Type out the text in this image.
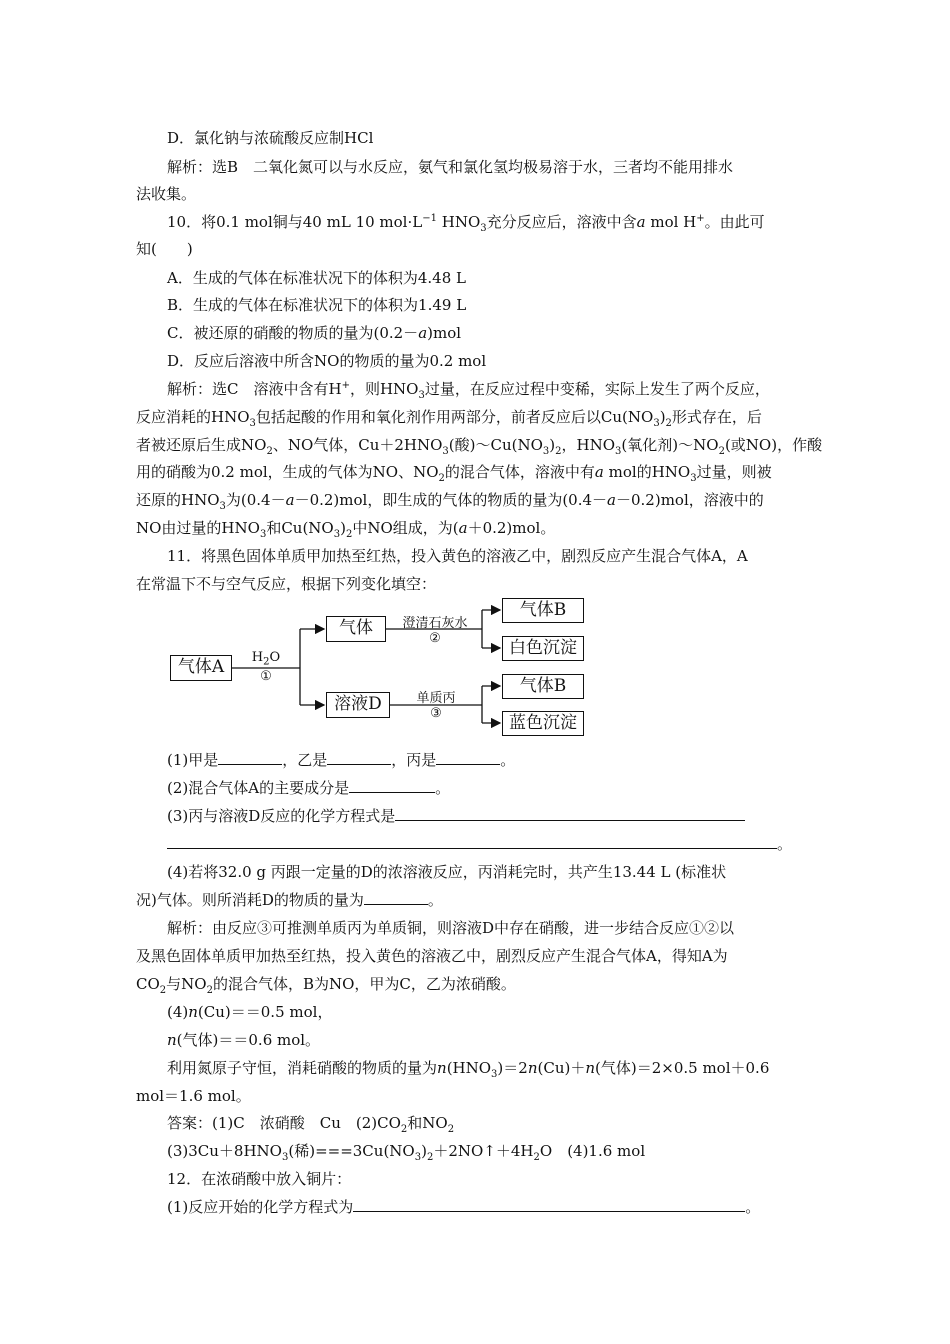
D．氯化钠与浓硫酸反应制HCl
解析：选B　二氧化氮可以与水反应，氨气和氯化氢均极易溶于水，三者均不能用排水
法收集。
10．将0.1 mol铜与40 mL 10 $mol\cdot L^{-1}$ $HNO_3$充分反应后，溶液中含a mol H+。由此可
知(　　)
A．生成的气体在标准状况下的体积为4.48 L
B．生成的气体在标准状况下的体积为1.49 L
C．被还原的硝酸的物质的量为(0.2－a)mol
D．反应后溶液中所含NO的物质的量为0.2 mol
解析：选C　溶液中含有H+，则$HNO_3$过量，在反应过程中变稀，实际上发生了两个反应，
反应消耗的$HNO_3$包括起酸的作用和氧化剂作用两部分，前者反应后以$Cu(NO_3)_2$形式存在，后
者被还原后生成$NO_2$、NO气体，$Cu+2HNO_3$(酸)$\sim Cu(NO_3)_2$，$HNO_3$(氧化剂)$\sim NO_2$(或NO)，作酸
用的硝酸为0.2 mol，生成的气体为NO、$NO_2$的混合气体，溶液中有a mol的$HNO_3$过量，则被
还原的$HNO_3$为(0.4－a－0.2)mol，即生成的气体的物质的量为(0.4－a－0.2)mol，溶液中的
NO由过量的$HNO_3$和$Cu(NO_3)_2$中NO组成，为(a＋0.2)mol。
11．将黑色固体单质甲加热至红热，投入黄色的溶液乙中，剧烈反应产生混合气体A，A
在常温下不与空气反应，根据下列变化填空：
气体A	$H_2O$
①
气体	澄清石灰水
②
气体B
白色沉淀
溶液D	单质丙
③
气体B
蓝色沉淀
(1)甲是	，乙是	，丙是	。
(2)混合气体A的主要成分是	。
(3)丙与溶液D反应的化学方程式是
。
(4)若将32.0 g 丙跟一定量的D的浓溶液反应，丙消耗完时，共产生13.44 L (标准状
况)气体。则所消耗D的物质的量为	。
解析：由反应③可推测单质丙为单质铜，则溶液D中存在硝酸，进一步结合反应①②以
及黑色固体单质甲加热至红热，投入黄色的溶液乙中，剧烈反应产生混合气体A，得知A为
$CO_2$与$NO_2$的混合气体，B为NO，甲为C，乙为浓硝酸。
(4)n(Cu)＝＝0.5 mol，
n(气体)＝＝0.6 mol。
利用氮原子守恒，消耗硝酸的物质的量为$n(HNO_3)=2n(Cu)+n$(气体)＝2×0.5 mol＋0.6
mol＝1.6 mol。
答案：(1)C　浓硝酸　Cu　$(2)CO_2$和$NO_2$
$(3)3Cu+8HNO_3$(稀)$===3Cu(NO_3)_2+2NO↑+4H_2O$　(4)1.6 mol
12．在浓硝酸中放入铜片：
(1)反应开始的化学方程式为	。
